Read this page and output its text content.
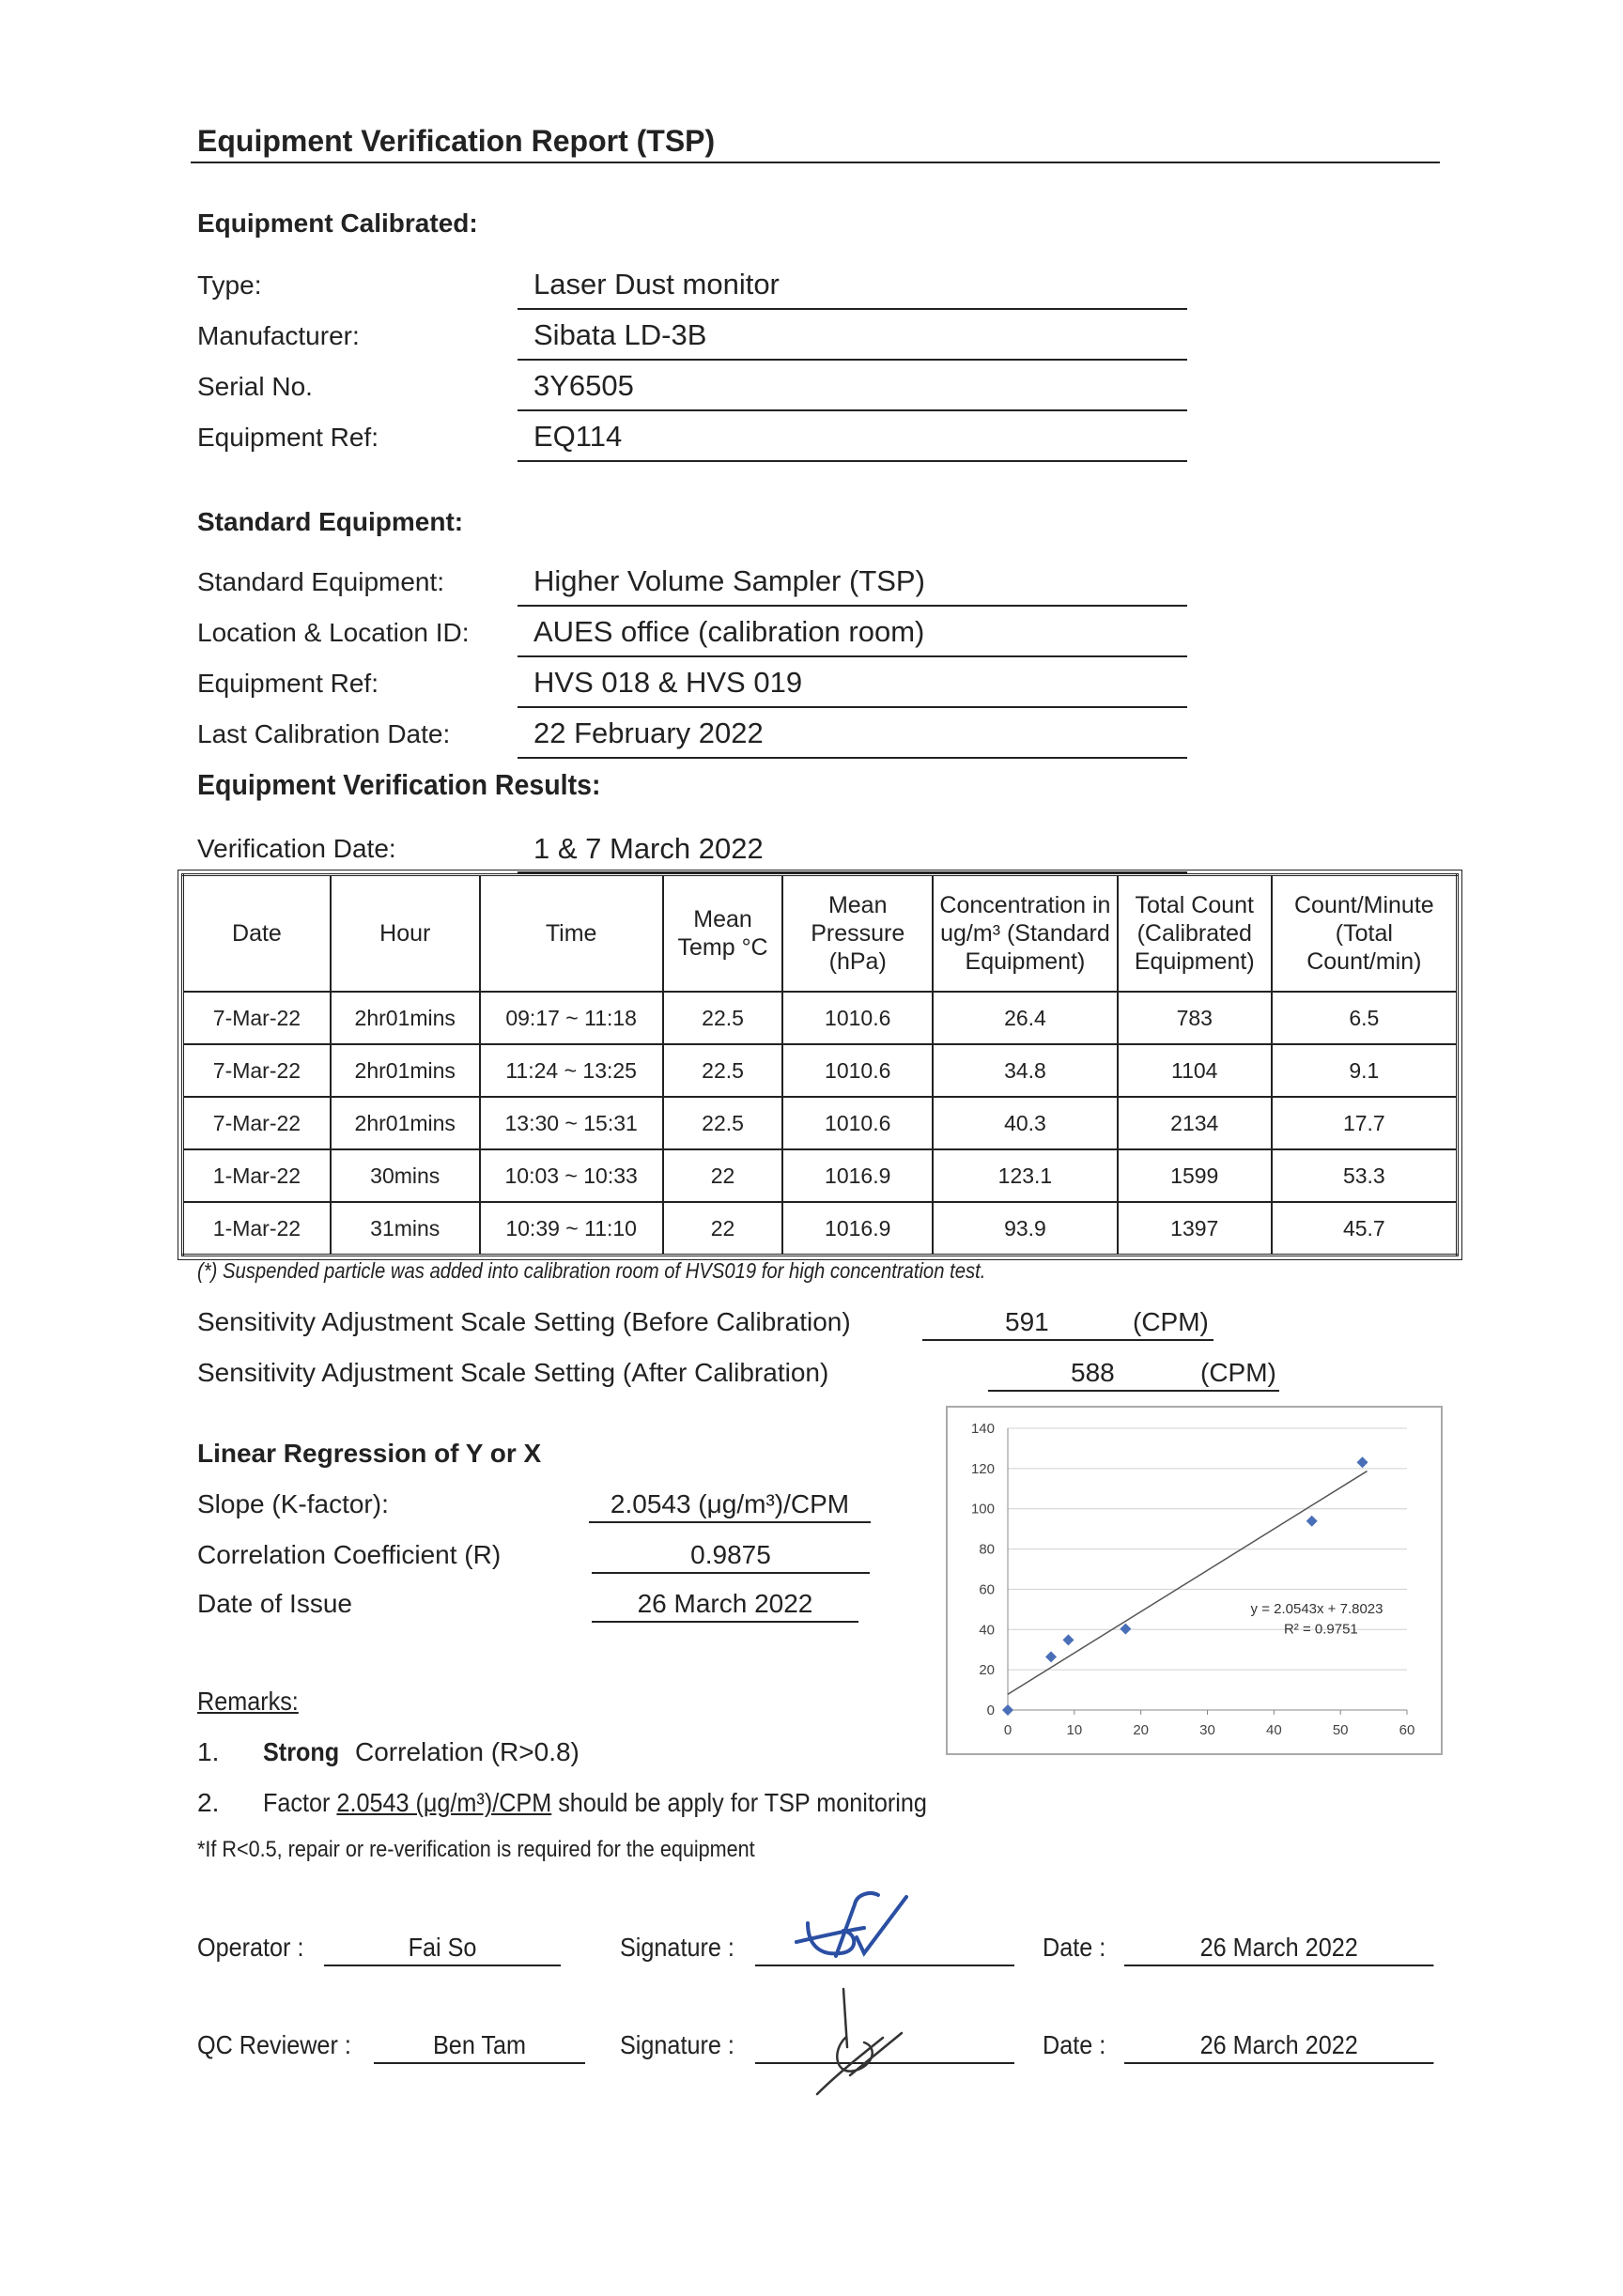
Equipment Verification Report (TSP)
Equipment Calibrated:
Type:	Laser Dust monitor
Manufacturer:	Sibata LD-3B
Serial No.	3Y6505
Equipment Ref:	EQ114
Standard Equipment:
Standard Equipment:	Higher Volume Sampler (TSP)
Location & Location ID: AUES office (calibration room)
Equipment Ref:	HVS 018 & HVS 019
Last Calibration Date:	22 February 2022
Equipment Verification Results:
Verification Date:	1 & 7 March 2022
Date	Hour	Time	Mean Temp °C	Mean Pressure (hPa)	Concentration in ug/m³ (Standard Equipment)	Total Count (Calibrated Equipment)	Count/Minute (Total Count/min)
7-Mar-22	2hr01mins	09:17 ~ 11:18	22.5	1010.6	26.4	783	6.5
7-Mar-22	2hr01mins	11:24 ~ 13:25	22.5	1010.6	34.8	1104	9.1
7-Mar-22	2hr01mins	13:30 ~ 15:31	22.5	1010.6	40.3	2134	17.7
1-Mar-22	30mins	10:03 ~ 10:33	22	1016.9	123.1	1599	53.3
1-Mar-22	31mins	10:39 ~ 11:10	22	1016.9	93.9	1397	45.7
(*) Suspended particle was added into calibration room of HVS019 for high concentration test.
Sensitivity Adjustment Scale Setting (Before Calibration)	591	(CPM)
Sensitivity Adjustment Scale Setting (After Calibration)	588	(CPM)
Linear Regression of Y or X
Slope (K-factor):	2.0543 (μg/m³)/CPM
Correlation Coefficient (R)	0.9875
Date of Issue	26 March 2022
0
20
40
60
80
100
120
140
0	10	20	30	40	50	60
y = 2.0543x + 7.8023
R² = 0.9751
Remarks:
1. Strong Correlation (R>0.8)
2. Factor 2.0543 (μg/m³)/CPM should be apply for TSP monitoring
*If R<0.5, repair or re-verification is required for the equipment
Operator :	Fai So	Signature :	Date :	26 March 2022
QC Reviewer :	Ben Tam	Signature :	Date :	26 March 2022
